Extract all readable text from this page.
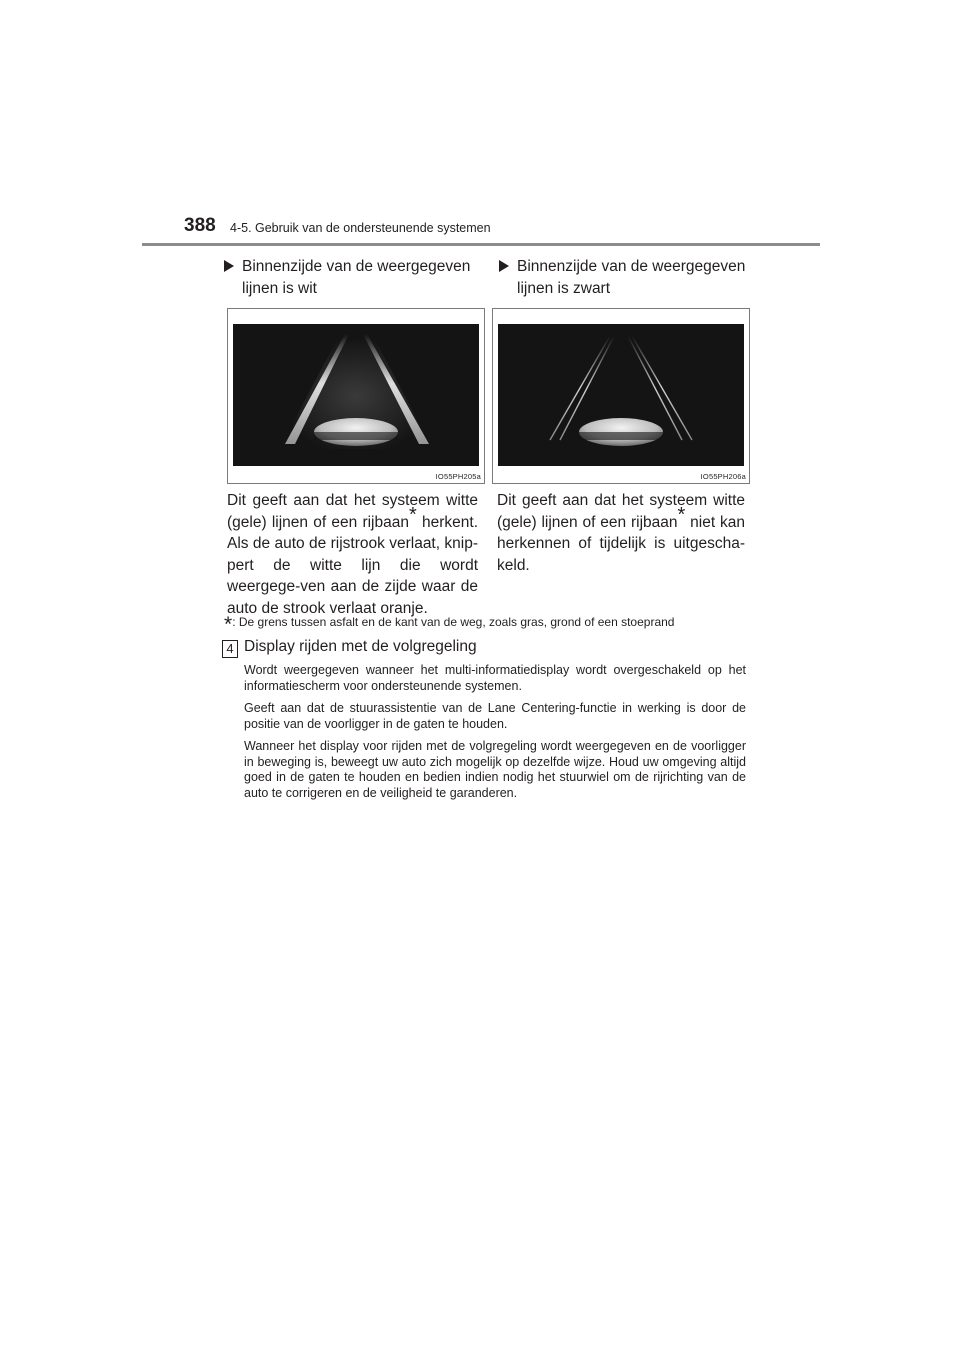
388 4-5. Gebruik van de ondersteunende systemen
Binnenzijde van de weergegeven lijnen is wit
Binnenzijde van de weergegeven lijnen is zwart
IO55PH205a	IO55PH206a
Dit geeft aan dat het systeem witte (gele) lijnen of een rijbaan* herkent. Als de auto de rijstrook verlaat, knip-pert de witte lijn die wordt weergege-ven aan de zijde waar de auto de strook verlaat oranje.
Dit geeft aan dat het systeem witte (gele) lijnen of een rijbaan* niet kan herkennen of tijdelijk is uitgescha-keld.
*: De grens tussen asfalt en de kant van de weg, zoals gras, grond of een stoeprand
4 Display rijden met de volgregeling
Wordt weergegeven wanneer het multi-informatiedisplay wordt overgeschakeld op het informatiescherm voor ondersteunende systemen.
Geeft aan dat de stuurassistentie van de Lane Centering-functie in werking is door de positie van de voorligger in de gaten te houden.
Wanneer het display voor rijden met de volgregeling wordt weergegeven en de voorligger in beweging is, beweegt uw auto zich mogelijk op dezelfde wijze. Houd uw omgeving altijd goed in de gaten te houden en bedien indien nodig het stuurwiel om de rijrichting van de auto te corrigeren en de veiligheid te garanderen.
